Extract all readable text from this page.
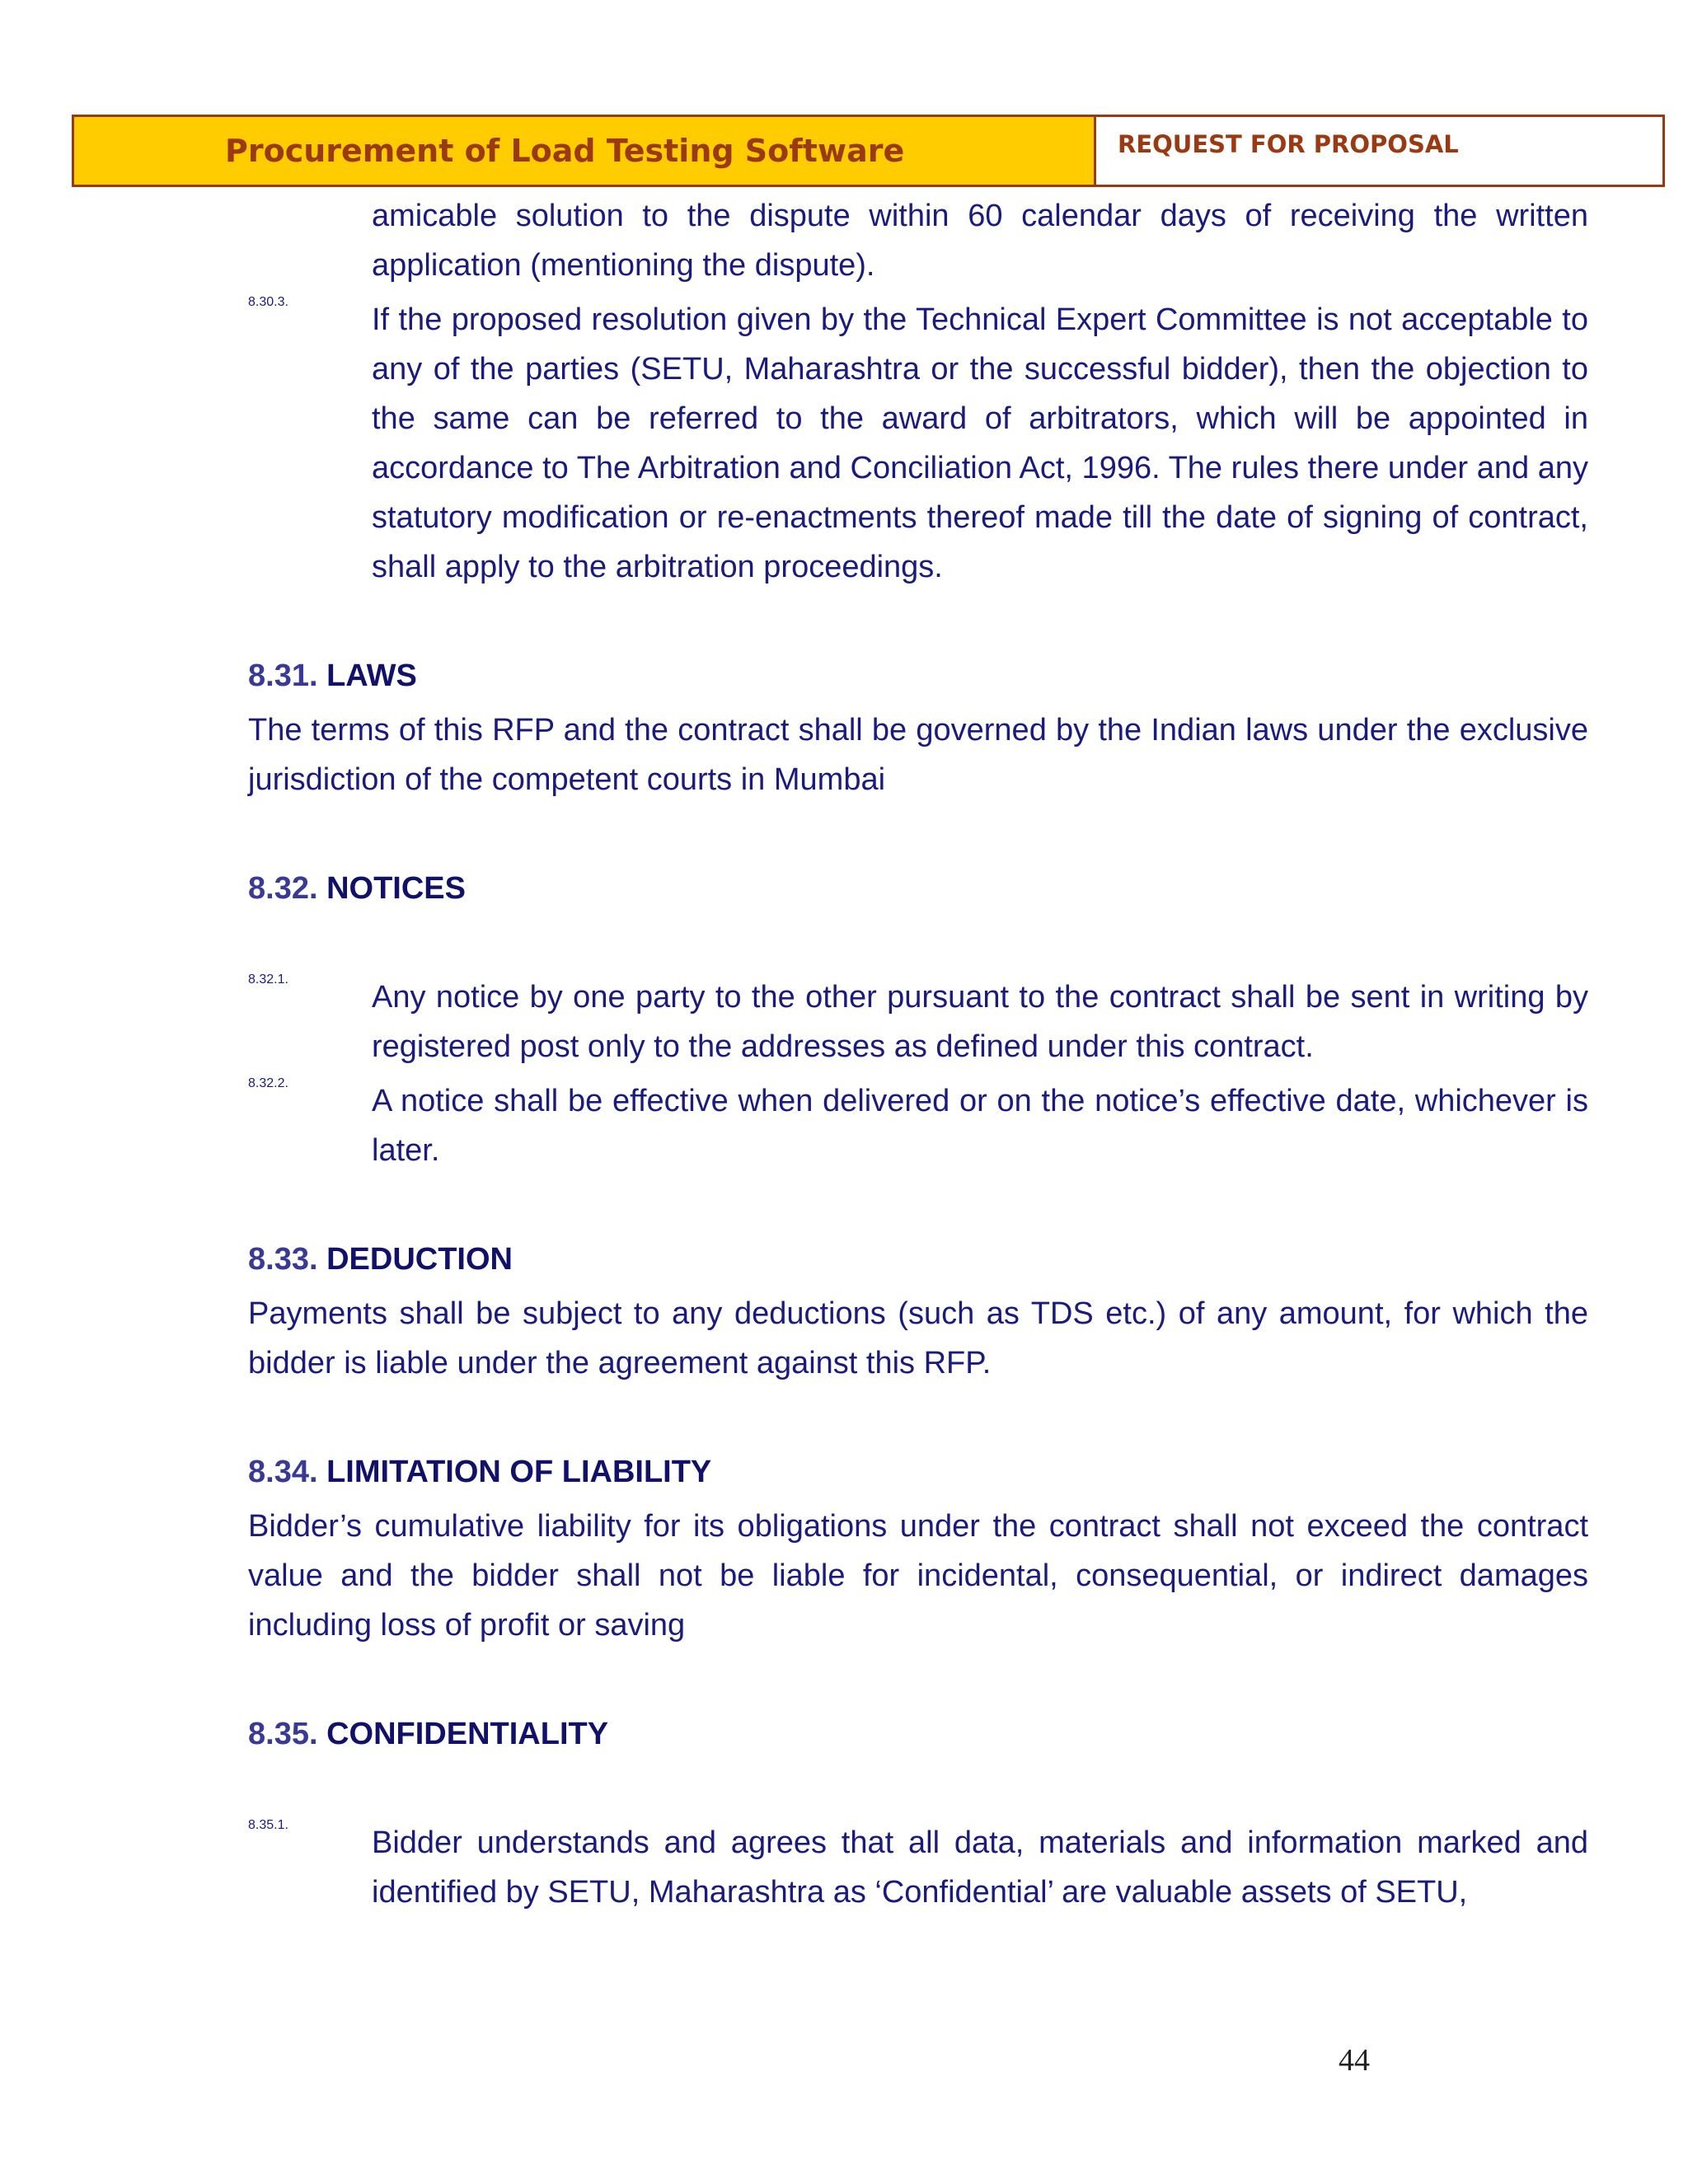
Procurement of Load Testing Software	REQUEST FOR PROPOSAL

amicable solution to the dispute within 60 calendar days of receiving the written application (mentioning the dispute).

8.30.3.

If the proposed resolution given by the Technical Expert Committee is not acceptable to any of the parties (SETU, Maharashtra or the successful bidder), then the objection to the same can be referred to the award of arbitrators, which will be appointed in accordance to The Arbitration and Conciliation Act, 1996. The rules there under and any statutory modification or re-enactments thereof made till the date of signing of contract, shall apply to the arbitration proceedings.

8.31. LAWS

The terms of this RFP and the contract shall be governed by the Indian laws under the exclusive jurisdiction of the competent courts in Mumbai

8.32. NOTICES
8.32.1.

Any notice by one party to the other pursuant to the contract shall be sent in writing by registered post only to the addresses as defined under this contract.

8.32.2.

A notice shall be effective when delivered or on the notice’s effective date, whichever is later.

8.33. DEDUCTION

Payments shall be subject to any deductions (such as TDS etc.) of any amount, for which the bidder is liable under the agreement against this RFP.

8.34. LIMITATION OF LIABILITY

Bidder’s cumulative liability for its obligations under the contract shall not exceed the contract value and the bidder shall not be liable for incidental, consequential, or indirect damages including loss of profit or saving

8.35. CONFIDENTIALITY
8.35.1.

Bidder understands and agrees that all data, materials and information marked and identified by SETU, Maharashtra as ‘Confidential’ are valuable assets of SETU,

44
